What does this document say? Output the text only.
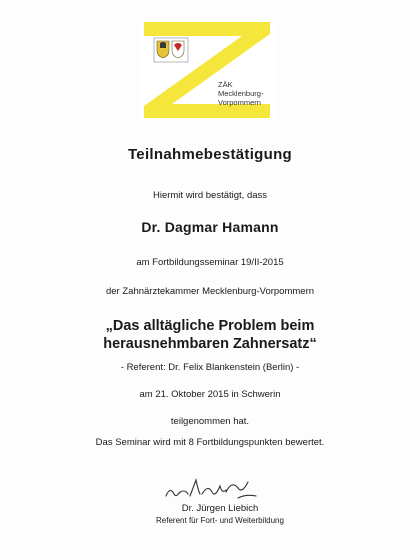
ZÄK
Mecklenburg-
Vorpommern
Teilnahmebestätigung
Hiermit wird bestätigt, dass
Dr. Dagmar Hamann
am Fortbildungsseminar 19/II-2015
der Zahnärztekammer Mecklenburg-Vorpommern
„Das alltägliche Problem beim
herausnehmbaren Zahnersatz“
- Referent: Dr. Felix Blankenstein (Berlin) -
am 21. Oktober 2015 in Schwerin
teilgenommen hat.
Das Seminar wird mit 8 Fortbildungspunkten bewertet.
Dr. Jürgen Liebich
Referent für Fort- und Weiterbildung
